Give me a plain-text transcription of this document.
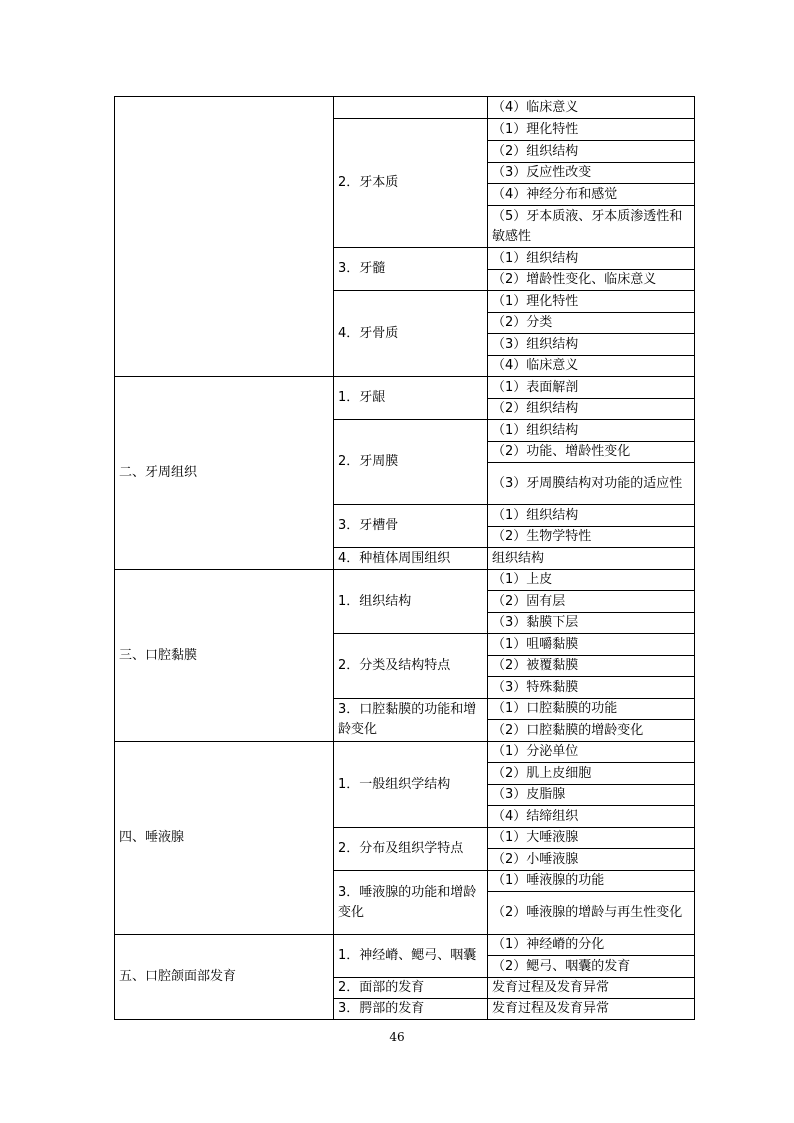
		（4）临床意义
	2．牙本质	（1）理化特性
		（2）组织结构
		（3）反应性改变
		（4）神经分布和感觉
		（5）牙本质液、牙本质渗透性和敏感性
	3．牙髓	（1）组织结构
		（2）增龄性变化、临床意义
	4．牙骨质	（1）理化特性
		（2）分类
		（3）组织结构
		（4）临床意义
二、牙周组织	1．牙龈	（1）表面解剖
		（2）组织结构
	2．牙周膜	（1）组织结构
		（2）功能、增龄性变化
		（3）牙周膜结构对功能的适应性
	3．牙槽骨	（1）组织结构
		（2）生物学特性
	4．种植体周围组织	组织结构
三、口腔黏膜	1．组织结构	（1）上皮
		（2）固有层
		（3）黏膜下层
	2．分类及结构特点	（1）咀嚼黏膜
		（2）被覆黏膜
		（3）特殊黏膜
	3．口腔黏膜的功能和增龄变化	（1）口腔黏膜的功能
		（2）口腔黏膜的增龄变化
四、唾液腺	1．一般组织学结构	（1）分泌单位
		（2）肌上皮细胞
		（3）皮脂腺
		（4）结缔组织
	2．分布及组织学特点	（1）大唾液腺
		（2）小唾液腺
	3．唾液腺的功能和增龄变化	（1）唾液腺的功能
		（2）唾液腺的增龄与再生性变化
五、口腔颌面部发育	1．神经嵴、鳃弓、咽囊	（1）神经嵴的分化
		（2）鳃弓、咽囊的发育
	2．面部的发育	发育过程及发育异常
	3．腭部的发育	发育过程及发育异常
46
